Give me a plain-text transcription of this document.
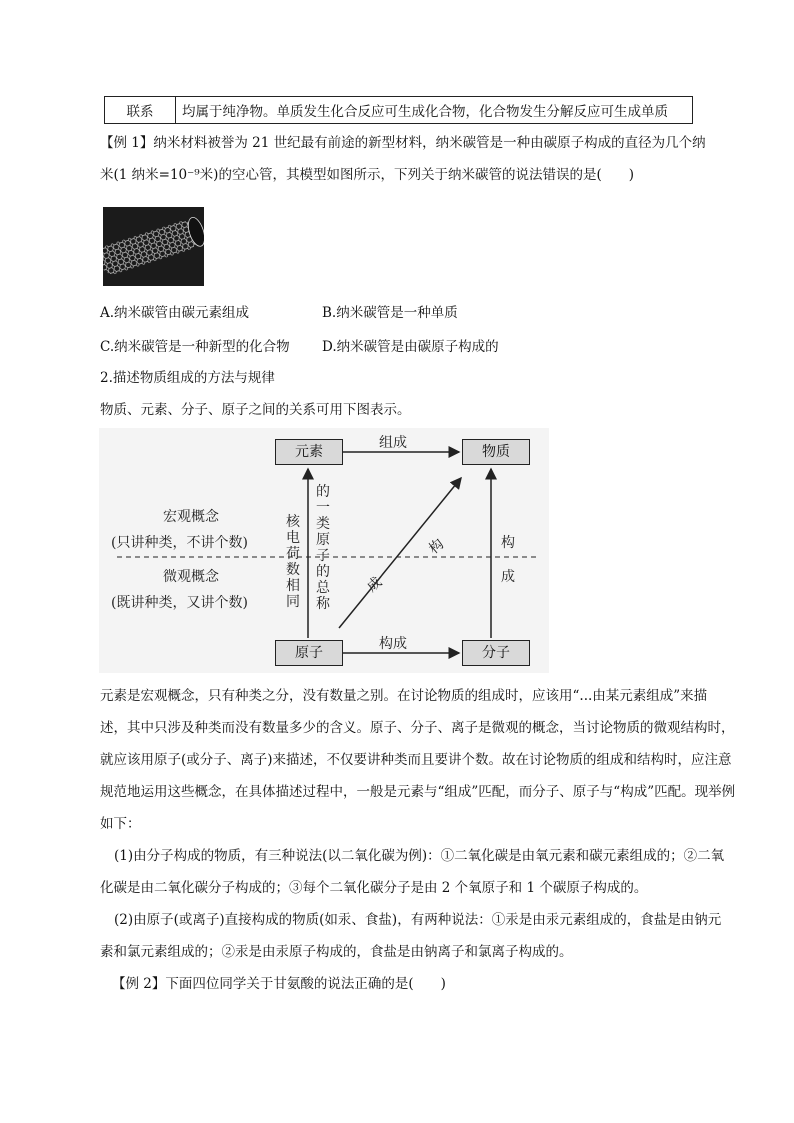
联系	均属于纯净物。单质发生化合反应可生成化合物，化合物发生分解反应可生成单质
【例 1】纳米材料被誉为 21 世纪最有前途的新型材料，纳米碳管是一种由碳原子构成的直径为几个纳
米(1 纳米=10⁻⁹米)的空心管，其模型如图所示，下列关于纳米碳管的说法错误的是(　　)
A.纳米碳管由碳元素组成	B.纳米碳管是一种单质
C.纳米碳管是一种新型的化合物	D.纳米碳管是由碳原子构成的
2.描述物质组成的方法与规律
物质、元素、分子、原子之间的关系可用下图表示。
元素	物质
原子	分子
组成
构成
宏观概念
(只讲种类，不讲个数)
微观概念
(既讲种类，又讲个数)
核电荷数相同
的一类原子的总称
构
成
构
成
元素是宏观概念，只有种类之分，没有数量之别。在讨论物质的组成时，应该用“...由某元素组成”来描
述，其中只涉及种类而没有数量多少的含义。原子、分子、离子是微观的概念，当讨论物质的微观结构时，
就应该用原子(或分子、离子)来描述，不仅要讲种类而且要讲个数。故在讨论物质的组成和结构时，应注意
规范地运用这些概念，在具体描述过程中，一般是元素与“组成”匹配，而分子、原子与“构成”匹配。现举例
如下：
(1)由分子构成的物质，有三种说法(以二氧化碳为例)：①二氧化碳是由氧元素和碳元素组成的；②二氧
化碳是由二氧化碳分子构成的；③每个二氧化碳分子是由 2 个氧原子和 1 个碳原子构成的。
(2)由原子(或离子)直接构成的物质(如汞、食盐)，有两种说法：①汞是由汞元素组成的，食盐是由钠元
素和氯元素组成的；②汞是由汞原子构成的，食盐是由钠离子和氯离子构成的。
【例 2】下面四位同学关于甘氨酸的说法正确的是(　　)
